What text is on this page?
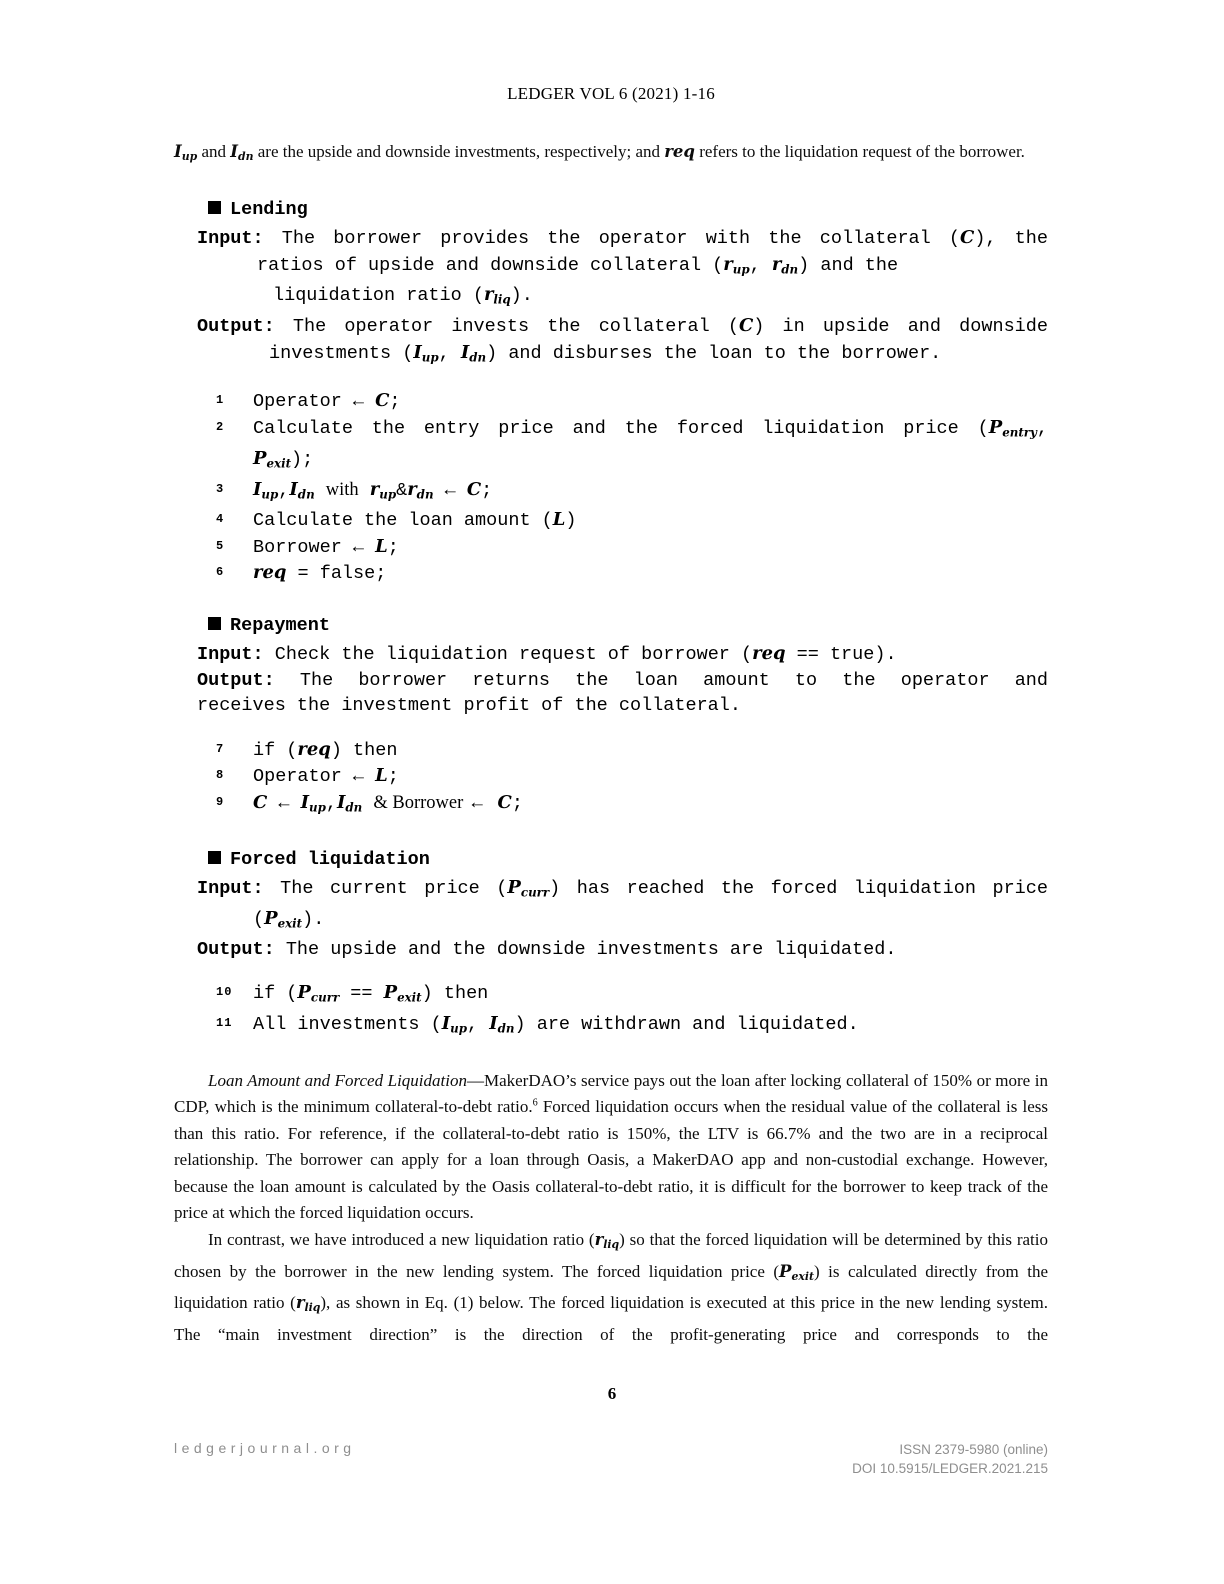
LEDGER VOL 6 (2021) 1-16
Iup and Idn are the upside and downside investments, respectively; and req refers to the liquidation request of the borrower.
Lending
Input: The borrower provides the operator with the collateral (C), the
ratios of upside and downside collateral (rup, rdn) and the
liquidation ratio (rliq).
Output: The operator invests the collateral (C) in upside and downside
investments (Iup, Idn) and disburses the loan to the borrower.
1	Operator ← C;
2	Calculate the entry price and the forced liquidation price (Pentry,
Pexit);
3	Iup,Idn with rup&rdn ← C;
4	Calculate the loan amount (L)
5	Borrower ← L;
6	req = false;
Repayment
Input: Check the liquidation request of borrower (req == true).
Output: The borrower returns the loan amount to the operator and
receives the investment profit of the collateral.
7	if (req) then
8	Operator ← L;
9	C ← Iup,Idn & Borrower ← C;
Forced liquidation
Input: The current price (Pcurr) has reached the forced liquidation price
(Pexit).
Output: The upside and the downside investments are liquidated.
10	if (Pcurr == Pexit) then
11	All investments (Iup, Idn) are withdrawn and liquidated.

Loan Amount and Forced Liquidation—MakerDAO’s service pays out the loan after locking collateral of 150% or more in CDP, which is the minimum collateral-to-debt ratio.$^6$ Forced liquidation occurs when the residual value of the collateral is less than this ratio. For reference, if the collateral-to-debt ratio is 150%, the LTV is 66.7% and the two are in a reciprocal relationship. The borrower can apply for a loan through Oasis, a MakerDAO app and non-custodial exchange. However, because the loan amount is calculated by the Oasis collateral-to-debt ratio, it is difficult for the borrower to keep track of the price at which the forced liquidation occurs.

In contrast, we have introduced a new liquidation ratio (rliq) so that the forced liquidation will be determined by this ratio chosen by the borrower in the new lending system. The forced liquidation price (Pexit) is calculated directly from the liquidation ratio (rliq), as shown in Eq. (1) below. The forced liquidation is executed at this price in the new lending system. The “main investment direction” is the direction of the profit-generating price and corresponds to the

6
ledgerjournal.org	ISSN 2379-5980 (online)
DOI 10.5915/LEDGER.2021.215
